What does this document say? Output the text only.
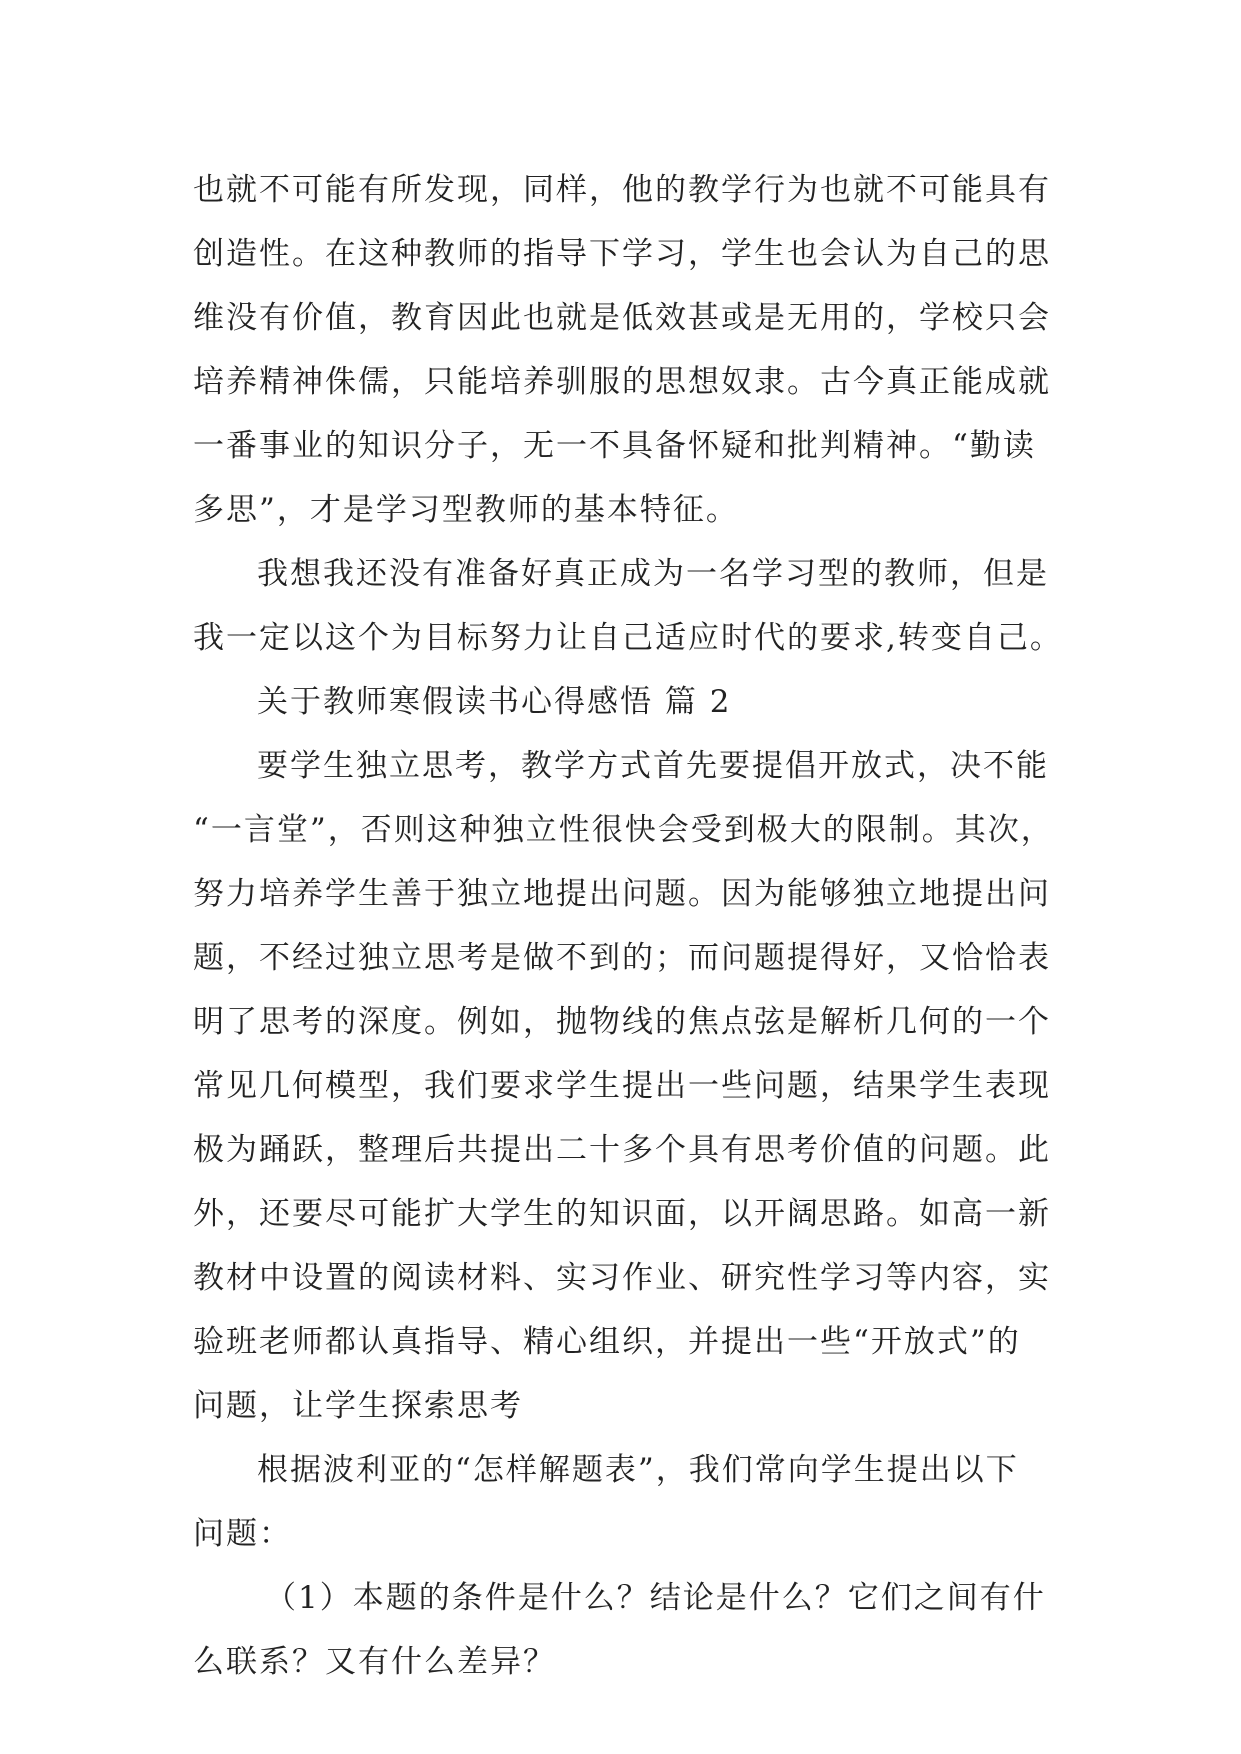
也就不可能有所发现，同样，他的教学行为也就不可能具有
创造性。在这种教师的指导下学习，学生也会认为自己的思
维没有价值，教育因此也就是低效甚或是无用的，学校只会
培养精神侏儒，只能培养驯服的思想奴隶。古今真正能成就
一番事业的知识分子，无一不具备怀疑和批判精神。“勤读
多思”，才是学习型教师的基本特征。
我想我还没有准备好真正成为一名学习型的教师，但是
我一定以这个为目标努力让自己适应时代的要求,转变自己。
关于教师寒假读书心得感悟 篇 2
要学生独立思考，教学方式首先要提倡开放式，决不能
“一言堂”，否则这种独立性很快会受到极大的限制。其次，
努力培养学生善于独立地提出问题。因为能够独立地提出问
题，不经过独立思考是做不到的；而问题提得好，又恰恰表
明了思考的深度。例如，抛物线的焦点弦是解析几何的一个
常见几何模型，我们要求学生提出一些问题，结果学生表现
极为踊跃，整理后共提出二十多个具有思考价值的问题。此
外，还要尽可能扩大学生的知识面，以开阔思路。如高一新
教材中设置的阅读材料、实习作业、研究性学习等内容，实
验班老师都认真指导、精心组织，并提出一些“开放式”的
问题，让学生探索思考
根据波利亚的“怎样解题表”，我们常向学生提出以下
问题：
（1）本题的条件是什么？结论是什么？它们之间有什
么联系？又有什么差异？
